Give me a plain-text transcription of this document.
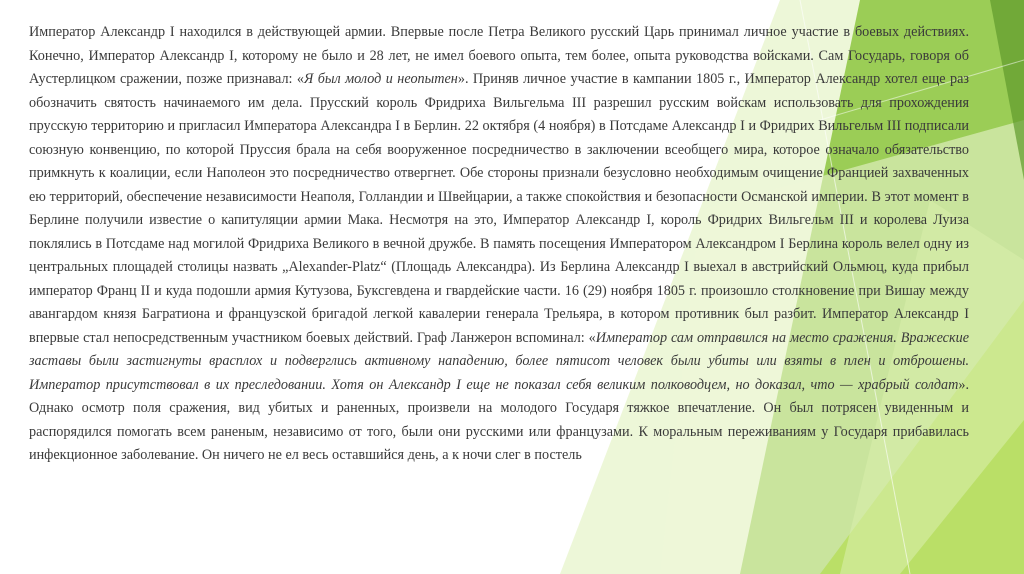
Император Александр I находился в действующей армии. Впервые после Петра Великого русский Царь принимал личное участие в боевых действиях. Конечно, Император Александр I, которому не было и 28 лет, не имел боевого опыта, тем более, опыта руководства войсками. Сам Государь, говоря об Аустерлицком сражении, позже признавал: «Я был молод и неопытен». Приняв личное участие в кампании 1805 г., Император Александр хотел еще раз обозначить святость начинаемого им дела. Прусский король Фридриха Вильгельма III разрешил русским войскам использовать для прохождения прусскую территорию и пригласил Императора Александра I в Берлин. 22 октября (4 ноября) в Потсдаме Александр I и Фридрих Вильгельм III подписали союзную конвенцию, по которой Пруссия брала на себя вооруженное посредничество в заключении всеобщего мира, которое означало обязательство примкнуть к коалиции, если Наполеон это посредничество отвергнет. Обе стороны признали безусловно необходимым очищение Францией захваченных ею территорий, обеспечение независимости Неаполя, Голландии и Швейцарии, а также спокойствия и безопасности Османской империи. В этот момент в Берлине получили известие о капитуляции армии Мака. Несмотря на это, Император Александр I, король Фридрих Вильгельм III и королева Луиза поклялись в Потсдаме над могилой Фридриха Великого в вечной дружбе. В память посещения Императором Александром I Берлина король велел одну из центральных площадей столицы назвать „Alexander-Platz“ (Площадь Александра). Из Берлина Александр I выехал в австрийский Ольмюц, куда прибыл император Франц II и куда подошли армия Кутузова, Буксгевдена и гвардейские части. 16 (29) ноября 1805 г. произошло столкновение при Вишау между авангардом князя Багратиона и французской бригадой легкой кавалерии генерала Трельяра, в котором противник был разбит. Император Александр I впервые стал непосредственным участником боевых действий. Граф Ланжерон вспоминал: «Император сам отправился на место сражения. Вражеские заставы были застигнуты врасплох и подверглись активному нападению, более пятисот человек были убиты или взяты в плен и отброшены. Император присутствовал в их преследовании. Хотя он Александр I еще не показал себя великим полководцем, но доказал, что — храбрый солдат». Однако осмотр поля сражения, вид убитых и раненных, произвели на молодого Государя тяжкое впечатление. Он был потрясен увиденным и распорядился помогать всем раненым, независимо от того, были они русскими или французами. К моральным переживаниям у Государя прибавилась инфекционное заболевание. Он ничего не ел весь оставшийся день, а к ночи слег в постель
